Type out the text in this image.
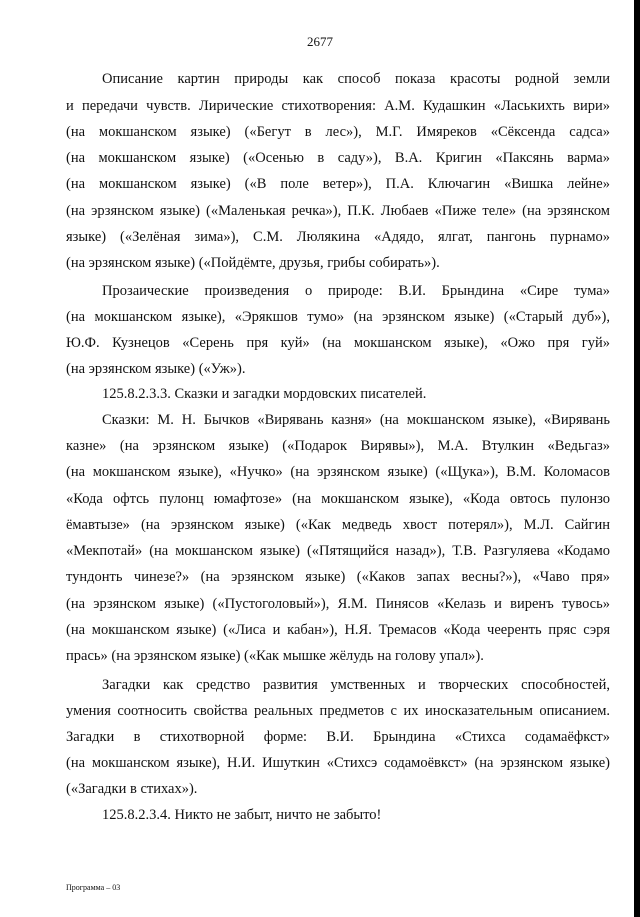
2677
Описание картин природы как способ показа красоты родной земли
и передачи чувств. Лирические стихотворения: А.М. Кудашкин «Ласькихть вири»
(на мокшанском языке) («Бегут в лес»), М.Г. Имяреков «Сёксенда садса»
(на мокшанском языке) («Осенью в саду»), В.А. Кригин «Паксянь варма»
(на мокшанском языке) («В поле ветер»), П.А. Ключагин «Вишка лейне»
(на эрзянском языке) («Маленькая речка»), П.К. Любаев «Пиже теле» (на эрзянском
языке) («Зелёная зима»), С.М. Люлякина «Адядо, ялгат, пангонь пурнамо»
(на эрзянском языке) («Пойдёмте, друзья, грибы собирать»).
Прозаические произведения о природе: В.И. Брындина «Сире тума»
(на мокшанском языке), «Эрякшов тумо» (на эрзянском языке) («Старый дуб»),
Ю.Ф. Кузнецов «Серень пря куй» (на мокшанском языке), «Ожо пря гуй»
(на эрзянском языке) («Уж»).
125.8.2.3.3. Сказки и загадки мордовских писателей.
Сказки: М. Н. Бычков «Вирявань казня» (на мокшанском языке), «Вирявань
казне» (на эрзянском языке) («Подарок Вирявы»), М.А. Втулкин «Ведьгаз»
(на мокшанском языке), «Нучко» (на эрзянском языке) («Щука»), В.М. Коломасов
«Кода офтсь пулонц юмафтозе» (на мокшанском языке), «Кода овтось пулонзо
ёмавтызе» (на эрзянском языке) («Как медведь хвост потерял»), М.Л. Сайгин
«Мекпотай» (на мокшанском языке) («Пятящийся назад»), Т.В. Разгуляева «Кодамо
тундонть чинезе?» (на эрзянском языке) («Каков запах весны?»), «Чаво пря»
(на эрзянском языке) («Пустоголовый»), Я.М. Пинясов «Келазь и виренъ тувось»
(на мокшанском языке) («Лиса и кабан»), Н.Я. Тремасов «Кода чееренть пряс сэря
прась» (на эрзянском языке) («Как мышке жёлудь на голову упал»).
Загадки как средство развития умственных и творческих способностей,
умения соотносить свойства реальных предметов с их иносказательным описанием.
Загадки в стихотворной форме: В.И. Брындина «Стихса содамаёфкст»
(на мокшанском языке), Н.И. Ишуткин «Стихсэ содамоёвкст» (на эрзянском языке)
(«Загадки в стихах»).
125.8.2.3.4. Никто не забыт, ничто не забыто!
Программа – 03
